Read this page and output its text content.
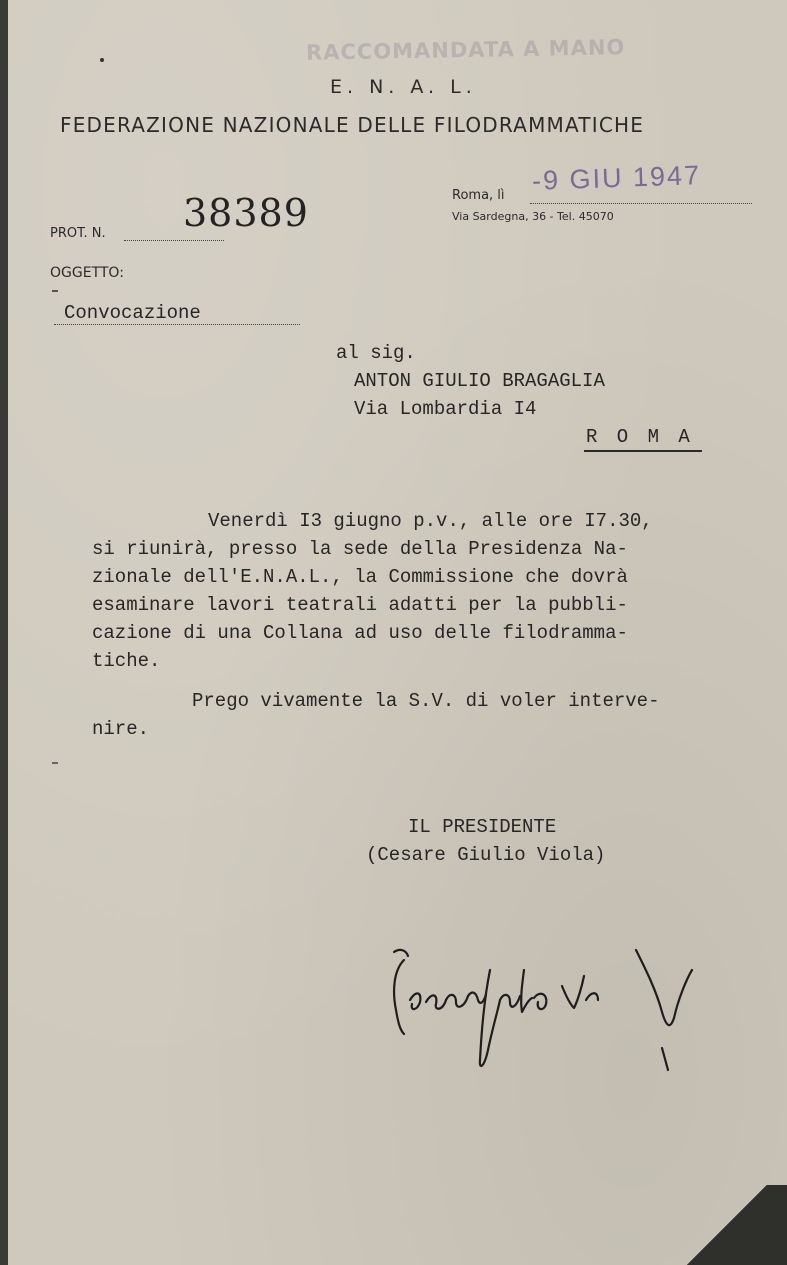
RACCOMANDATA A MANO
E. N. A. L.
FEDERAZIONE NAZIONALE DELLE FILODRAMMATICHE
Roma, lì -9 GIU 1947
Via Sardegna, 36 - Tel. 45070
PROT. N. 38389
OGGETTO:
Convocazione
al sig.
ANTON GIULIO BRAGAGLIA
Via Lombardia I4
R O M A
Venerdì I3 giugno p.v., alle ore I7.30,
si riunirà, presso la sede della Presidenza Na-
zionale dell'E.N.A.L., la Commissione che dovrà
esaminare lavori teatrali adatti per la pubbli-
cazione di una Collana ad uso delle filodramma-
tiche.
Prego vivamente la S.V. di voler interve-
nire.
IL PRESIDENTE
(Cesare Giulio Viola)
